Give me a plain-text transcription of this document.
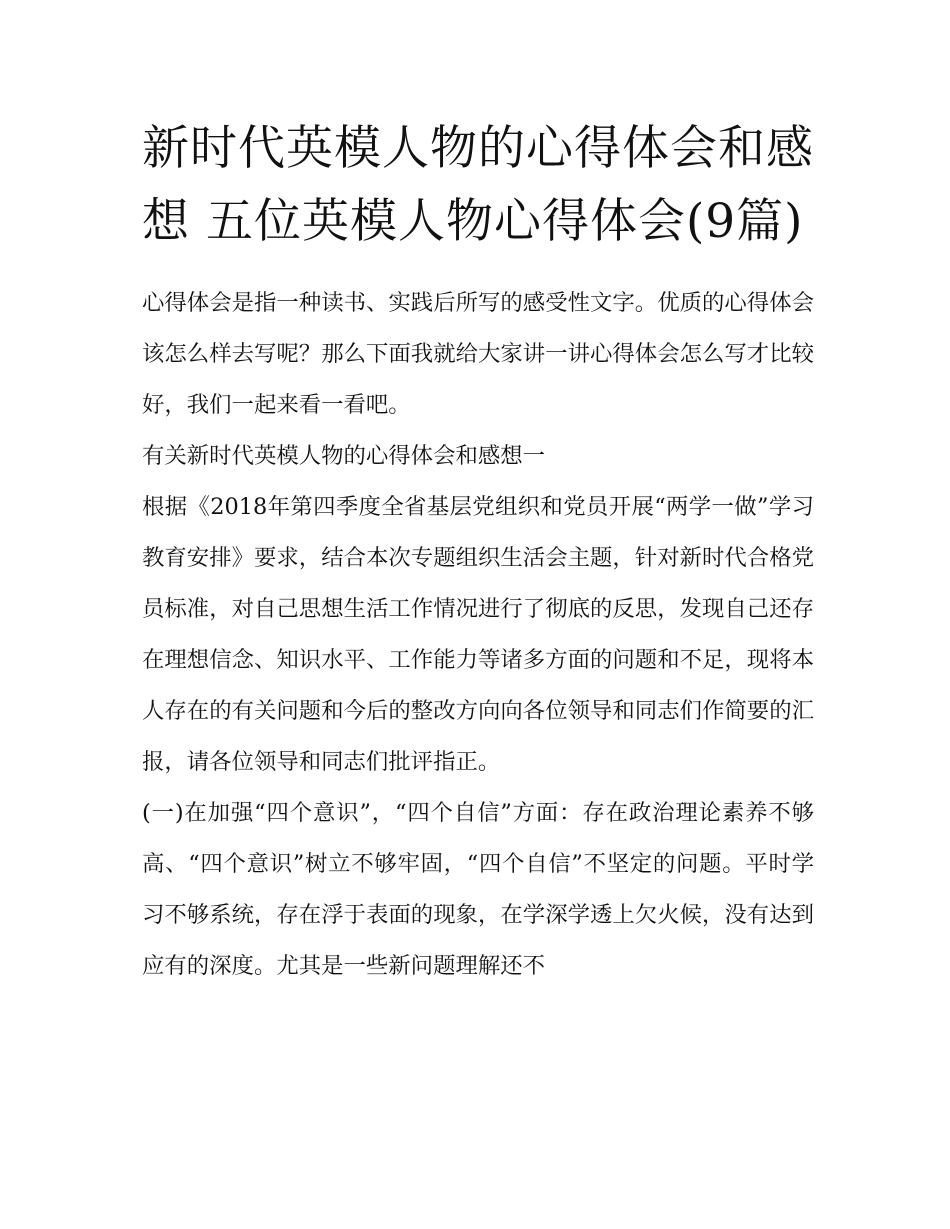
新时代英模人物的心得体会和感想 五位英模人物心得体会(9篇)

心得体会是指一种读书、实践后所写的感受性文字。优质的心得体会该怎么样去写呢？那么下面我就给大家讲一讲心得体会怎么写才比较好，我们一起来看一看吧。

有关新时代英模人物的心得体会和感想一

根据《2018年第四季度全省基层党组织和党员开展“两学一做”学习教育安排》要求，结合本次专题组织生活会主题，针对新时代合格党员标准，对自己思想生活工作情况进行了彻底的反思，发现自己还存在理想信念、知识水平、工作能力等诸多方面的问题和不足，现将本人存在的有关问题和今后的整改方向向各位领导和同志们作简要的汇报，请各位领导和同志们批评指正。

(一)在加强“四个意识”，“四个自信”方面：存在政治理论素养不够高、“四个意识”树立不够牢固，“四个自信”不坚定的问题。平时学习不够系统，存在浮于表面的现象，在学深学透上欠火候，没有达到应有的深度。尤其是一些新问题理解还不
